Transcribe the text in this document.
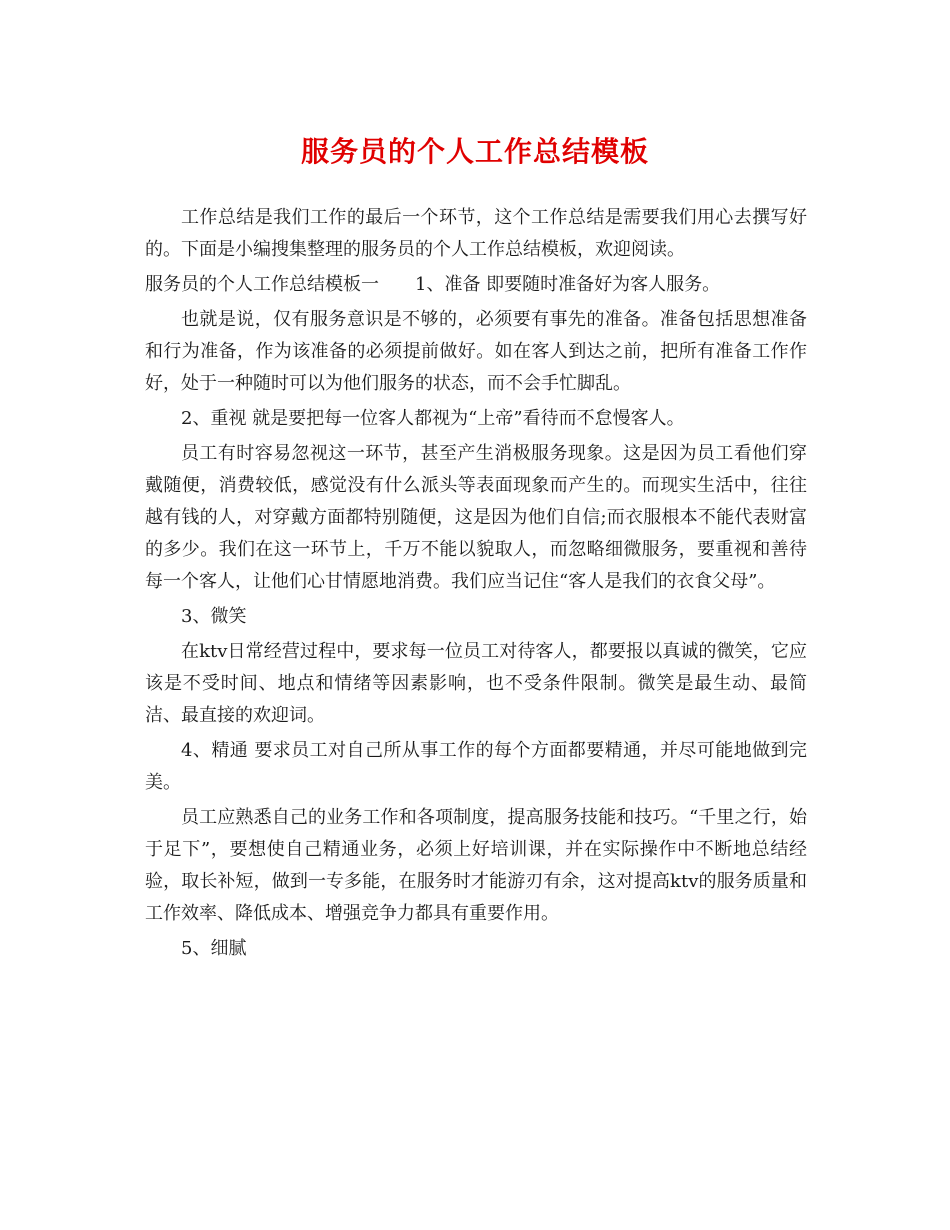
服务员的个人工作总结模板

工作总结是我们工作的最后一个环节，这个工作总结是需要我们用心去撰写好的。下面是小编搜集整理的服务员的个人工作总结模板，欢迎阅读。

服务员的个人工作总结模板一　　1、准备 即要随时准备好为客人服务。

也就是说，仅有服务意识是不够的，必须要有事先的准备。准备包括思想准备和行为准备，作为该准备的必须提前做好。如在客人到达之前，把所有准备工作作好，处于一种随时可以为他们服务的状态，而不会手忙脚乱。

2、重视 就是要把每一位客人都视为“上帝”看待而不怠慢客人。

员工有时容易忽视这一环节，甚至产生消极服务现象。这是因为员工看他们穿戴随便，消费较低，感觉没有什么派头等表面现象而产生的。而现实生活中，往往越有钱的人，对穿戴方面都特别随便，这是因为他们自信;而衣服根本不能代表财富的多少。我们在这一环节上，千万不能以貌取人，而忽略细微服务，要重视和善待每一个客人，让他们心甘情愿地消费。我们应当记住“客人是我们的衣食父母”。

3、微笑

在ktv日常经营过程中，要求每一位员工对待客人，都要报以真诚的微笑，它应该是不受时间、地点和情绪等因素影响，也不受条件限制。微笑是最生动、最简洁、最直接的欢迎词。

4、精通 要求员工对自己所从事工作的每个方面都要精通，并尽可能地做到完美。

员工应熟悉自己的业务工作和各项制度，提高服务技能和技巧。“千里之行，始于足下”，要想使自己精通业务，必须上好培训课，并在实际操作中不断地总结经验，取长补短，做到一专多能，在服务时才能游刃有余，这对提高ktv的服务质量和工作效率、降低成本、增强竞争力都具有重要作用。

5、细腻
